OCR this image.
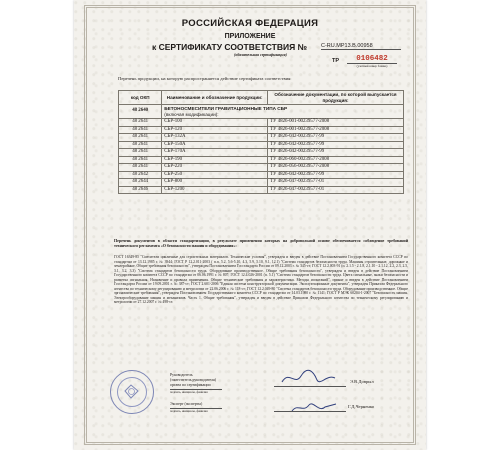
РОССИЙСКАЯ ФЕДЕРАЦИЯ
ПРИЛОЖЕНИЕ
к СЕРТИФИКАТУ СООТВЕТСТВИЯ №	С-RU.МР13.В.00958
(обязательная сертификация)
ТР	0106482
(учетный номер бланка)
Перечень продукции, на которую распространяется действие сертификата соответствия:
код ОКП	Наименование и обозначение продукции:	Обозначение документации, по которой выпускается продукция:
48 2640	БЕТОНОСМЕСИТЕЛИ ГРАВИТАЦИОННЫЕ ТИПА СБР
(включая модификации):	
48 2641	СБР-100	ТУ 4826-001-00239577-2008
48 2641	СБР-120	ТУ 4826-001-00239577-2008
48 2641	СБР-132А	ТУ 4826-042-00239577-99
48 2641	СБР-150А	ТУ 4826-042-00239577-99
48 2641	СБР-170А	ТУ 4826-042-00239577-99
48 2641	СБР-190	ТУ 4826-060-00239577-2008
48 2641	СБР-220	ТУ 4826-056-00239577-2008
48 2642	СБР-250	ТУ 4826-042-00239577-99
48 2644	СБР-800	ТУ 4826-047-00239577-01
48 2646	СБР-1200	ТУ 4826-047-00239577-01
Перечень документов в области стандартизации, в результате применения которых на добровольной основе обеспечивается соблюдение требований технического регламента «О безопасности машин и оборудования»:
ГОСТ 16349-85 "Смесители цикличные для строительных материалов. Технические условия", утвержден и введен в действие Постановлением Государственного комитета СССР по стандартам от 13.12.1985 г. № 3944; ГОСТ Р 12.2.011-2003 ( п.п. 5.2, 5.6-5.10, 4.3, 5.9, 5.10, 9.1, 12.1) "Система стандартов безопасности труда. Машины строительные, дорожные и землеройные. Общие требования безопасности", утвержден Постановлением Госстандарта России от 09.12.2003 г. № 345-ст; ГОСТ 12.2.003-91 (п. 2.1.5 - 2.1.8, 2.1.10 - 2.1.12, 2.2, 2.3, 2.5, 3.1, 3.2, 3.3) "Система стандартов безопасности труда. Оборудование производственное. Общие требования безопасности", утвержден и введен в действие Постановлением Государственного комитета СССР по стандартам от 06.06.1991 г. № 807; ГОСТ 12.4.026-2001 (п. 5.1) "Система стандартов безопасности труда. Цвета сигнальные, знаки безопасности и разметка сигнальная. Назначение и правила применения. Общие технические требования и характеристики. Методы испытаний", принят и введен в действие Постановлением Госстандарта России от 19.09.2001 г. № 387-ст; ГОСТ 2.601-2006 "Единая система конструкторской документации. Эксплуатационные документы", утвержден Приказом Федерального агентства по техническому регулированию и метрологии от 22.06.2006 г. № 118-ст; ГОСТ 12.2.049-80 "Система стандартов безопасности труда. Оборудование производственное. Общие эргономические требования", утвержден Постановлением Государственного комитета СССР по стандартам от 14.03.1980 г. № 1141; ГОСТ Р МЭК 60204-1-2007 "Безопасность машин. Электрооборудование машин и механизмов. Часть 1. Общие требования", утвержден и введен в действие Приказом Федерального агентства по техническому регулированию и метрологии от 27.12.2007 г. № 498-ст.
Руководитель
(заместитель руководителя)
органа по сертификации
подпись, инициалы, фамилия
Э.В.Доврыл
Эксперт (эксперты)
подпись, инициалы, фамилия
Г.Д.Черненко
